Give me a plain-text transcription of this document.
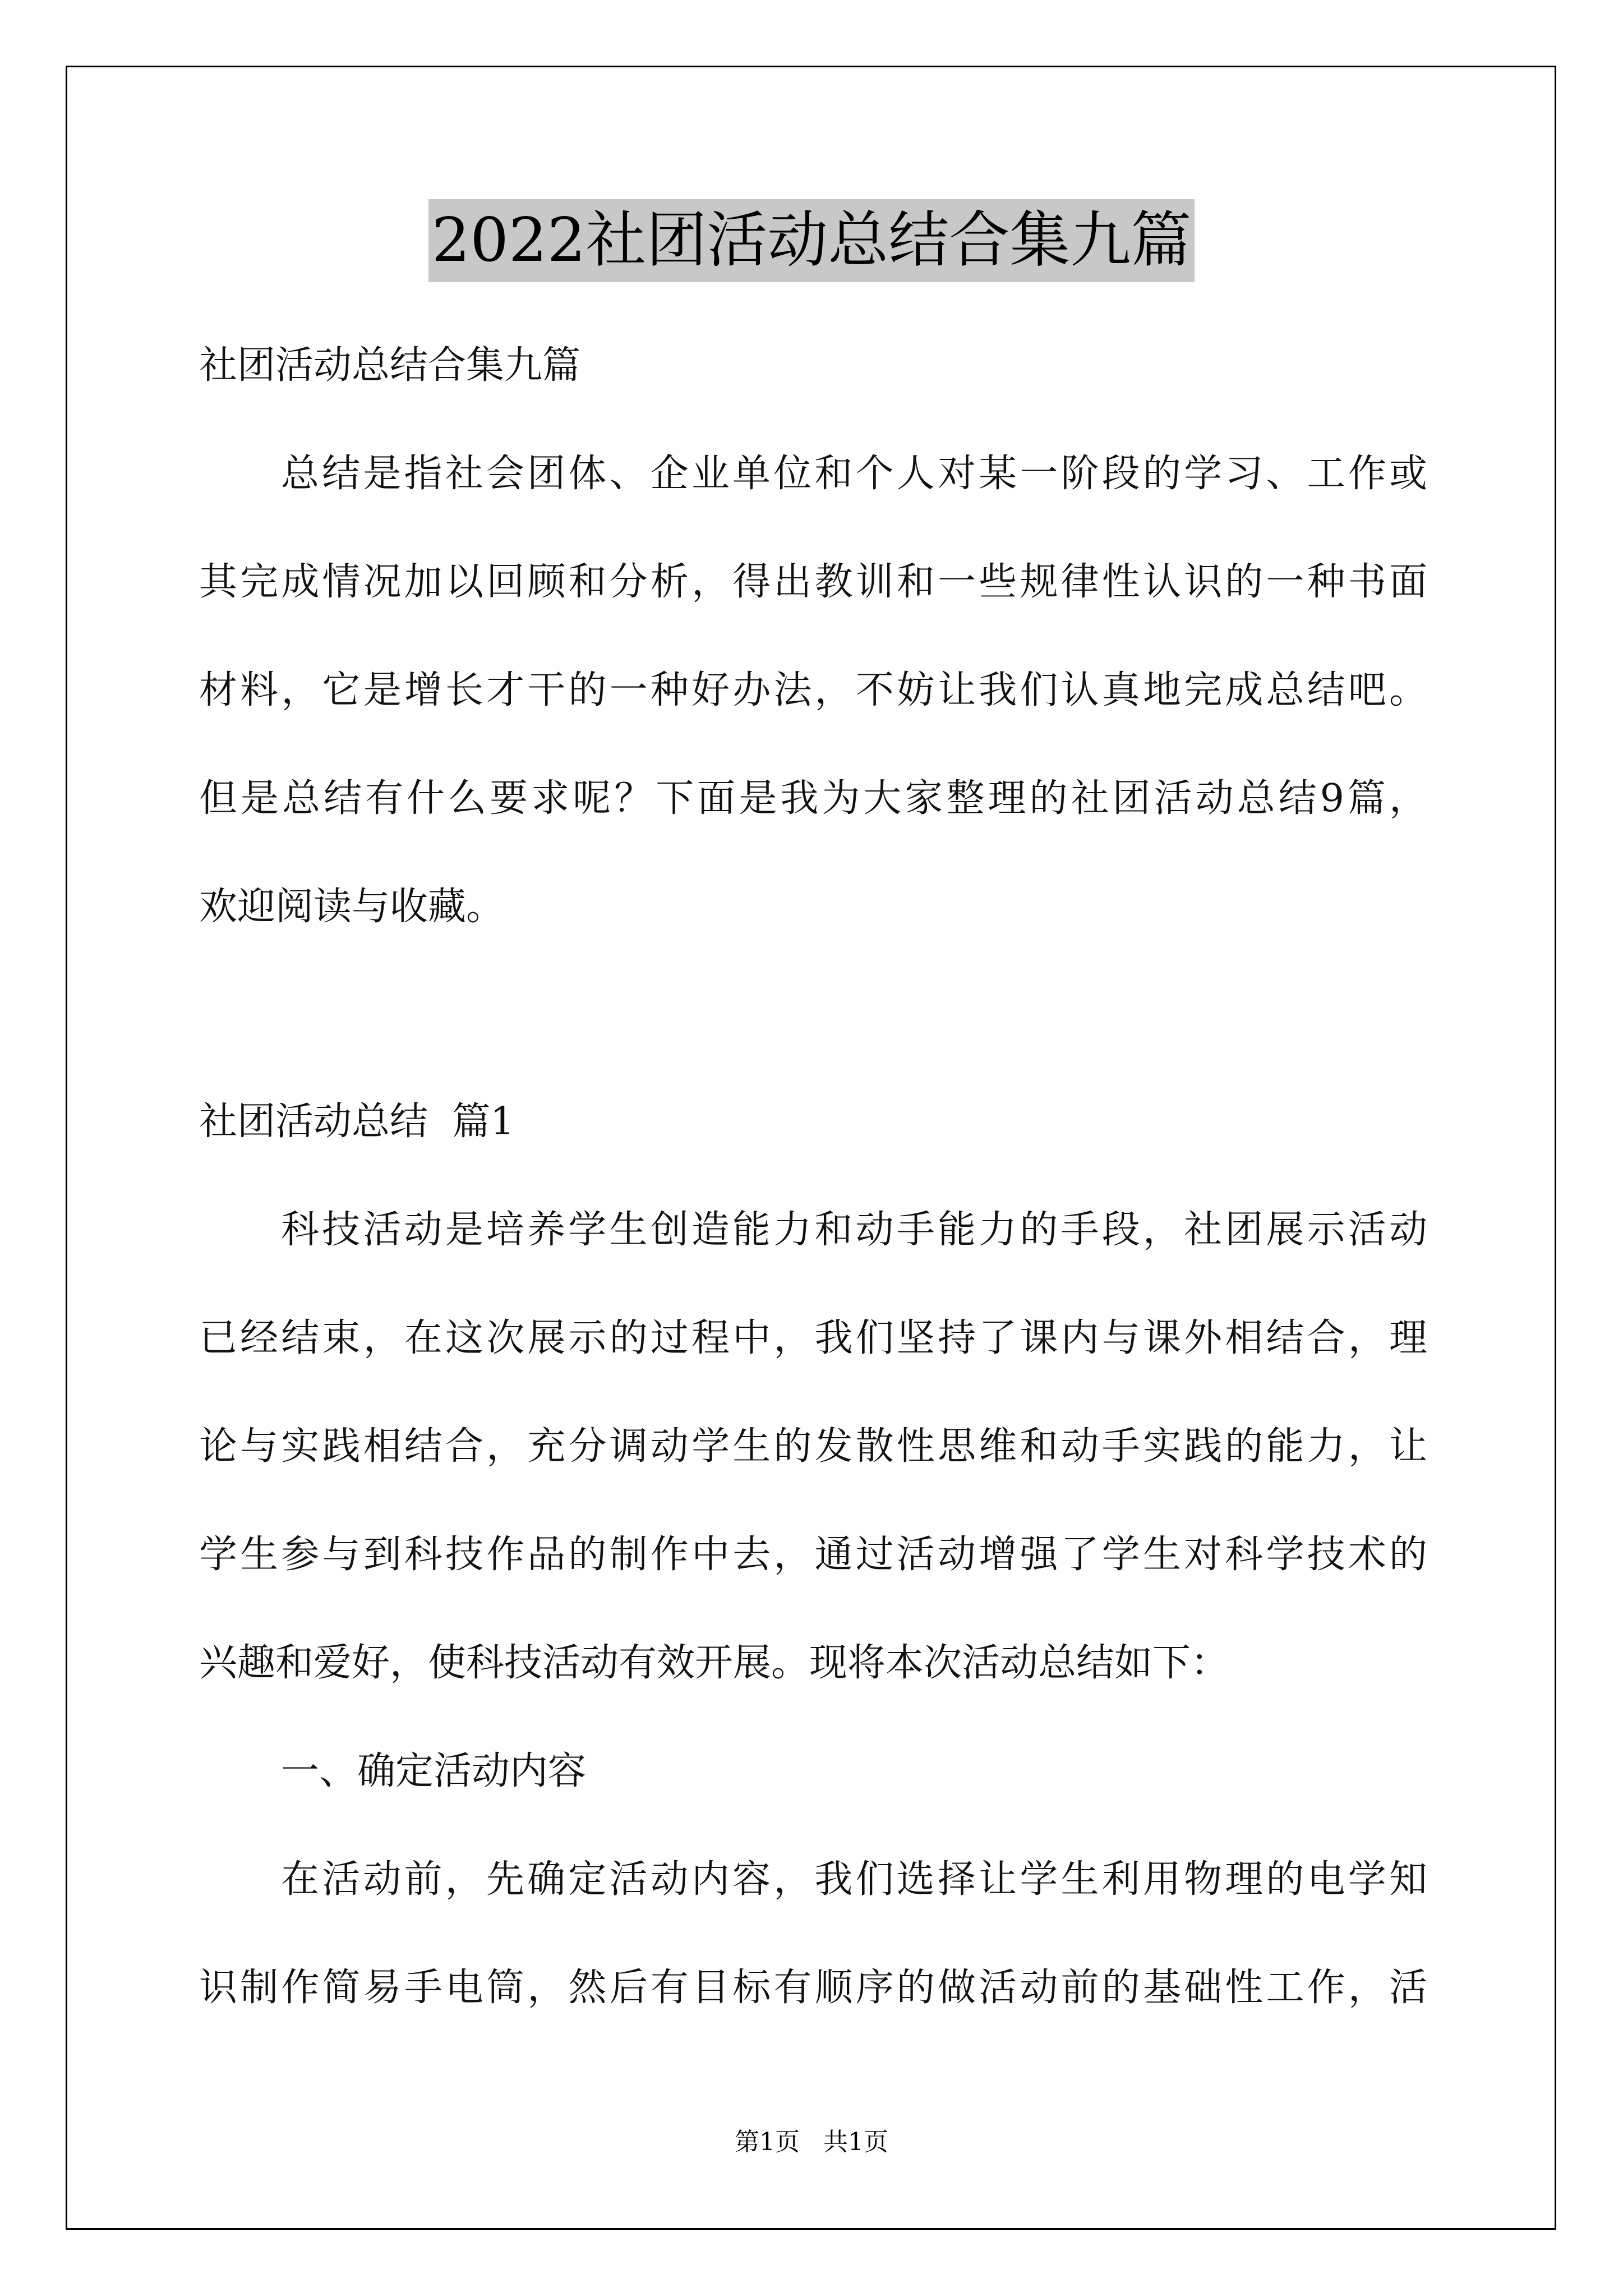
2022社团活动总结合集九篇
社团活动总结合集九篇
总结是指社会团体、企业单位和个人对某一阶段的学习、工作或
其完成情况加以回顾和分析，得出教训和一些规律性认识的一种书面
材料，它是增长才干的一种好办法，不妨让我们认真地完成总结吧。
但是总结有什么要求呢？下面是我为大家整理的社团活动总结9篇，
欢迎阅读与收藏。
社团活动总结  篇1
科技活动是培养学生创造能力和动手能力的手段，社团展示活动
已经结束，在这次展示的过程中，我们坚持了课内与课外相结合，理
论与实践相结合，充分调动学生的发散性思维和动手实践的能力，让
学生参与到科技作品的制作中去，通过活动增强了学生对科学技术的
兴趣和爱好，使科技活动有效开展。现将本次活动总结如下：
一、确定活动内容
在活动前，先确定活动内容，我们选择让学生利用物理的电学知
识制作简易手电筒，然后有目标有顺序的做活动前的基础性工作，活
第1页   共1页
